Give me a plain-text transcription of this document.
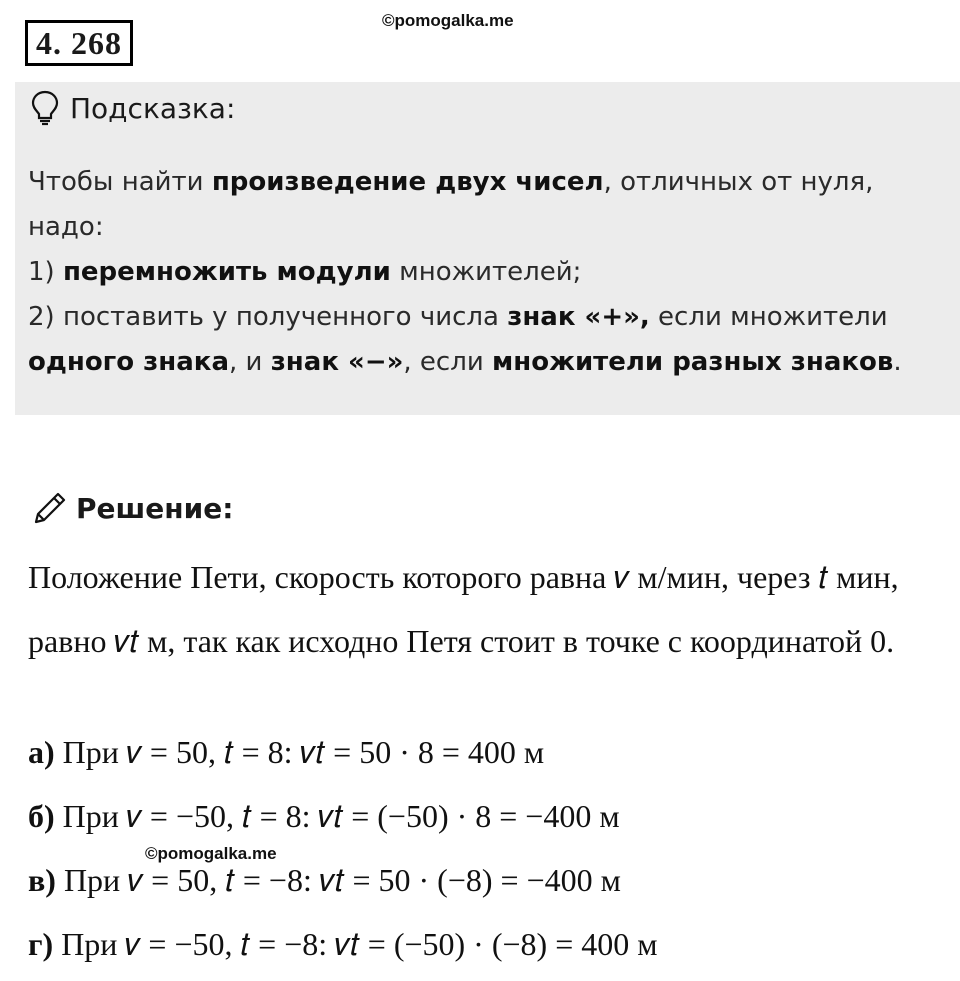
4. 268
©pomogalka.me
Подсказка:
Чтобы найти произведение двух чисел, отличных от нуля, надо:
1) перемножить модули множителей;
2) поставить у полученного числа знак «+», если множители одного знака, и знак «−», если множители разных знаков.
Решение:
Положение Пети, скорость которого равна 𝑣 м/мин, через 𝑡 мин, равно 𝑣𝑡 м, так как исходно Петя стоит в точке с координатой 0.
а) При 𝑣 = 50, 𝑡 = 8: 𝑣𝑡 = 50 · 8 = 400 м
б) При 𝑣 = −50, 𝑡 = 8: 𝑣𝑡 = (−50) · 8 = −400 м
©pomogalka.me
в) При 𝑣 = 50, 𝑡 = −8: 𝑣𝑡 = 50 · (−8) = −400 м
г) При 𝑣 = −50, 𝑡 = −8: 𝑣𝑡 = (−50) · (−8) = 400 м
